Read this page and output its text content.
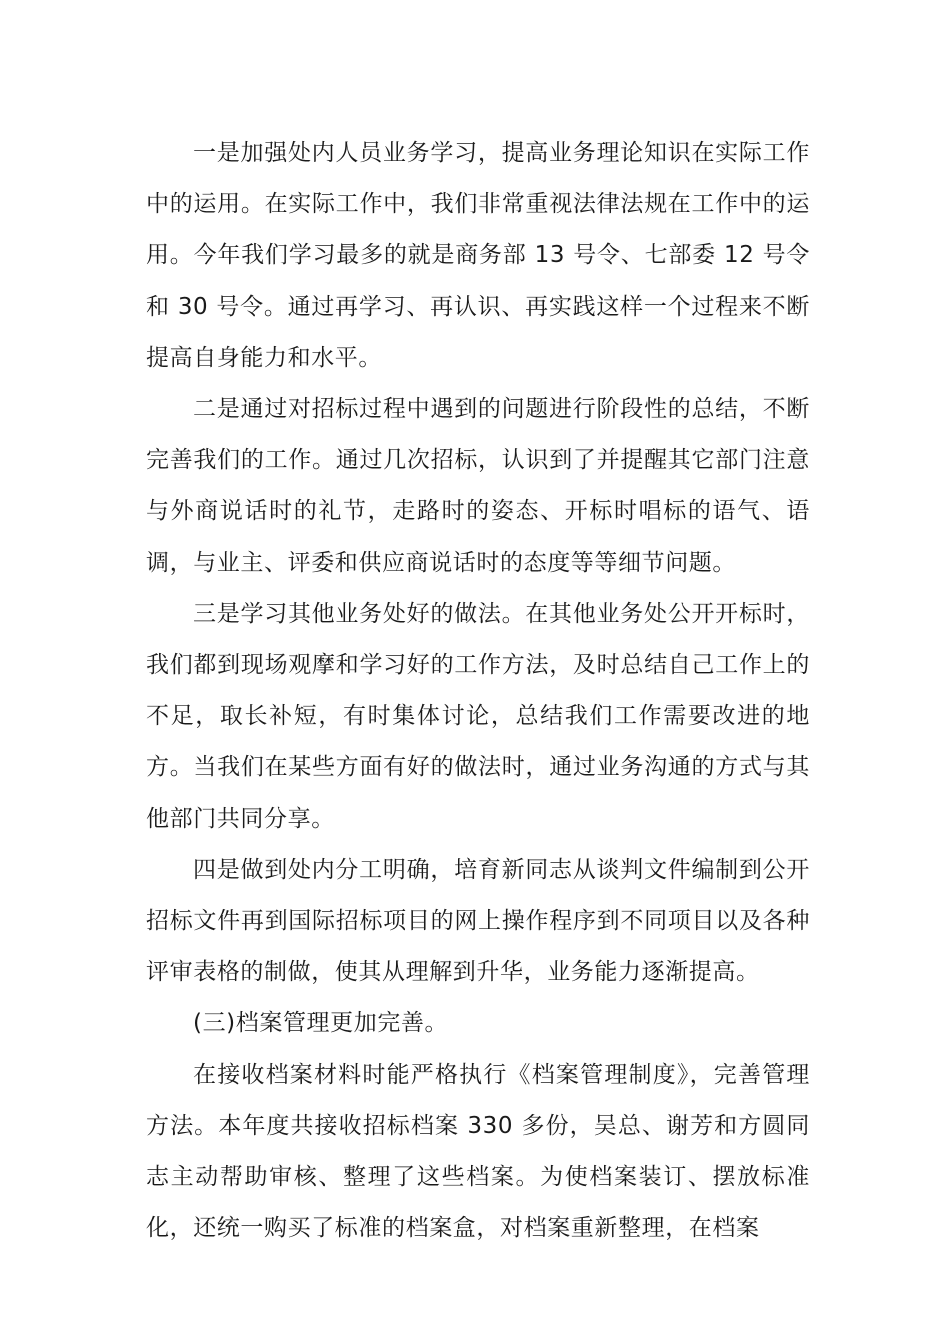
一是加强处内人员业务学习，提高业务理论知识在实际工作中的运用。在实际工作中，我们非常重视法律法规在工作中的运用。今年我们学习最多的就是商务部 13 号令、七部委 12 号令和 30 号令。通过再学习、再认识、再实践这样一个过程来不断提高自身能力和水平。

二是通过对招标过程中遇到的问题进行阶段性的总结，不断完善我们的工作。通过几次招标，认识到了并提醒其它部门注意与外商说话时的礼节，走路时的姿态、开标时唱标的语气、语调，与业主、评委和供应商说话时的态度等等细节问题。

三是学习其他业务处好的做法。在其他业务处公开开标时，我们都到现场观摩和学习好的工作方法，及时总结自己工作上的不足，取长补短，有时集体讨论，总结我们工作需要改进的地方。当我们在某些方面有好的做法时，通过业务沟通的方式与其他部门共同分享。

四是做到处内分工明确，培育新同志从谈判文件编制到公开招标文件再到国际招标项目的网上操作程序到不同项目以及各种评审表格的制做，使其从理解到升华，业务能力逐渐提高。

(三)档案管理更加完善。

在接收档案材料时能严格执行《档案管理制度》，完善管理方法。本年度共接收招标档案 330 多份，吴总、谢芳和方圆同志主动帮助审核、整理了这些档案。为使档案装订、摆放标准化，还统一购买了标准的档案盒，对档案重新整理，在档案
